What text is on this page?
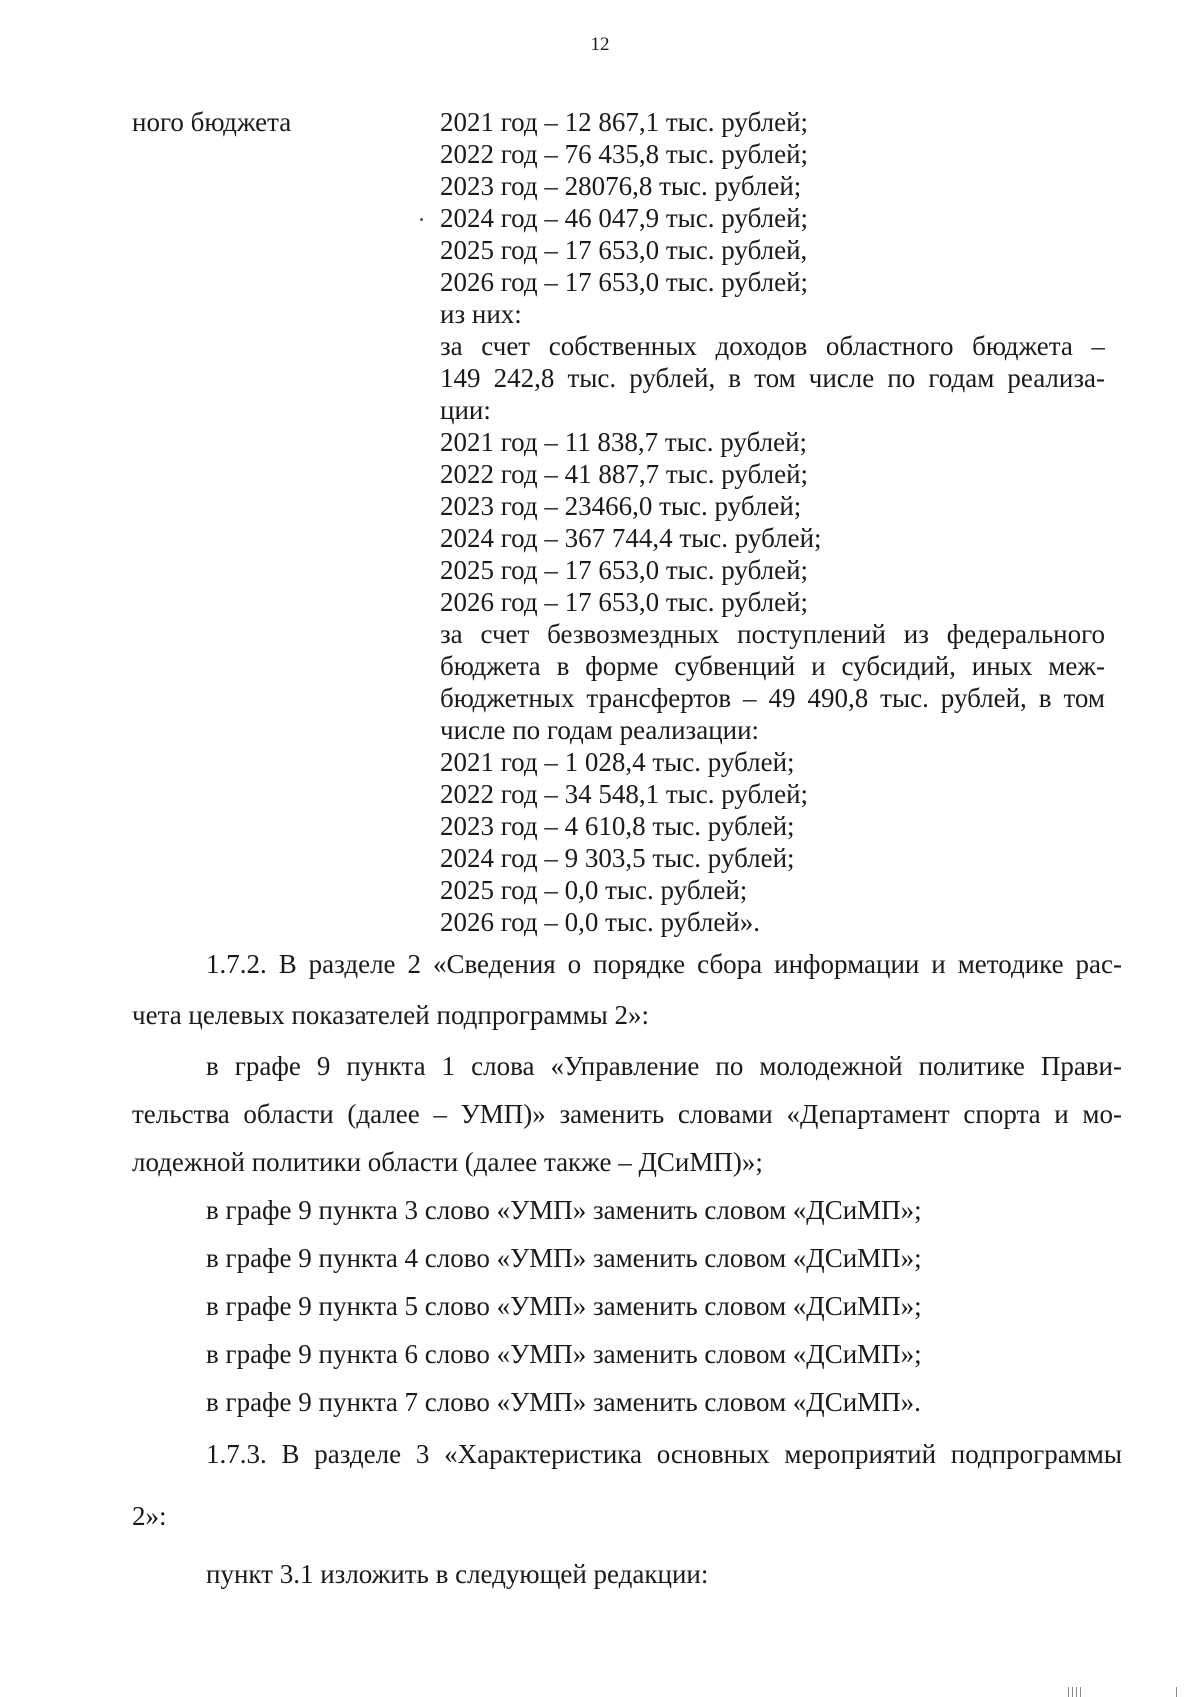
12
ного бюджета	2021 год – 12 867,1 тыс. рублей;
2022 год – 76 435,8 тыс. рублей;
2023 год – 28076,8 тыс. рублей;
2024 год – 46 047,9 тыс. рублей;
2025 год – 17 653,0 тыс. рублей,
2026 год – 17 653,0 тыс. рублей;
из них:
за счет собственных доходов областного бюджета –
149 242,8 тыс. рублей, в том числе по годам реализа-
ции:
2021 год – 11 838,7 тыс. рублей;
2022 год – 41 887,7 тыс. рублей;
2023 год – 23466,0 тыс. рублей;
2024 год – 367 744,4 тыс. рублей;
2025 год – 17 653,0 тыс. рублей;
2026 год – 17 653,0 тыс. рублей;
за счет безвозмездных поступлений из федерального
бюджета в форме субвенций и субсидий, иных меж-
бюджетных трансфертов – 49 490,8 тыс. рублей, в том
числе по годам реализации:
2021 год – 1 028,4 тыс. рублей;
2022 год – 34 548,1 тыс. рублей;
2023 год – 4 610,8 тыс. рублей;
2024 год – 9 303,5 тыс. рублей;
2025 год – 0,0 тыс. рублей;
2026 год – 0,0 тыс. рублей».
1.7.2. В разделе 2 «Сведения о порядке сбора информации и методике рас-
чета целевых показателей подпрограммы 2»:
в графе 9 пункта 1 слова «Управление по молодежной политике Прави-
тельства области (далее – УМП)» заменить словами «Департамент спорта и мо-
лодежной политики области (далее также – ДСиМП)»;
в графе 9 пункта 3 слово «УМП» заменить словом «ДСиМП»;
в графе 9 пункта 4 слово «УМП» заменить словом «ДСиМП»;
в графе 9 пункта 5 слово «УМП» заменить словом «ДСиМП»;
в графе 9 пункта 6 слово «УМП» заменить словом «ДСиМП»;
в графе 9 пункта 7 слово «УМП» заменить словом «ДСиМП».
1.7.3. В разделе 3 «Характеристика основных мероприятий подпрограммы
2»:
пункт 3.1 изложить в следующей редакции:
